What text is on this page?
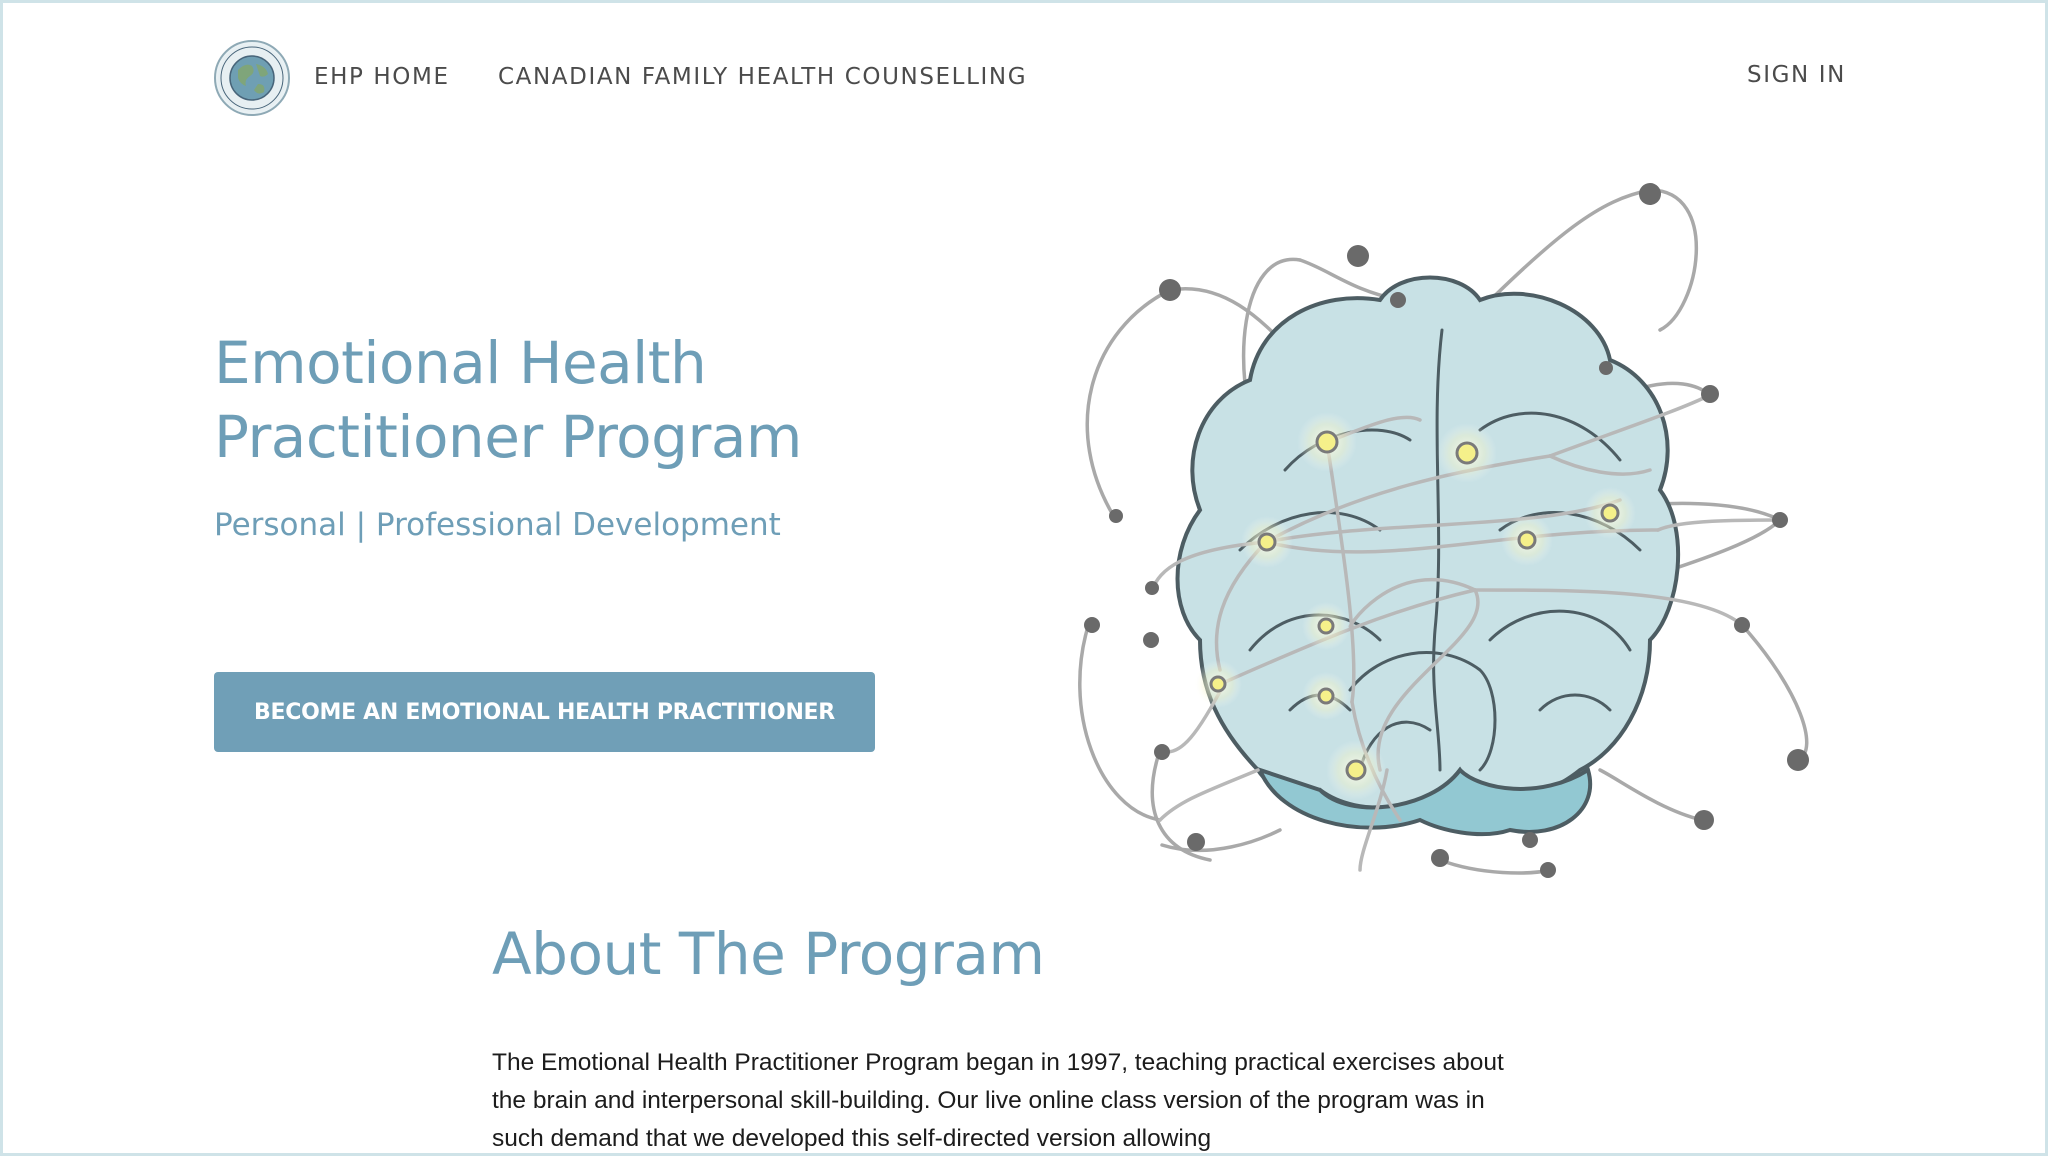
EHP HOME CANADIAN FAMILY HEALTH COUNSELLING	SIGN IN
Emotional Health Practitioner Program
Personal | Professional Development
BECOME AN EMOTIONAL HEALTH PRACTITIONER
About The Program

The Emotional Health Practitioner Program began in 1997, teaching practical exercises about the brain and interpersonal skill-building. Our live online class version of the program was in such demand that we developed this self-directed version allowing
